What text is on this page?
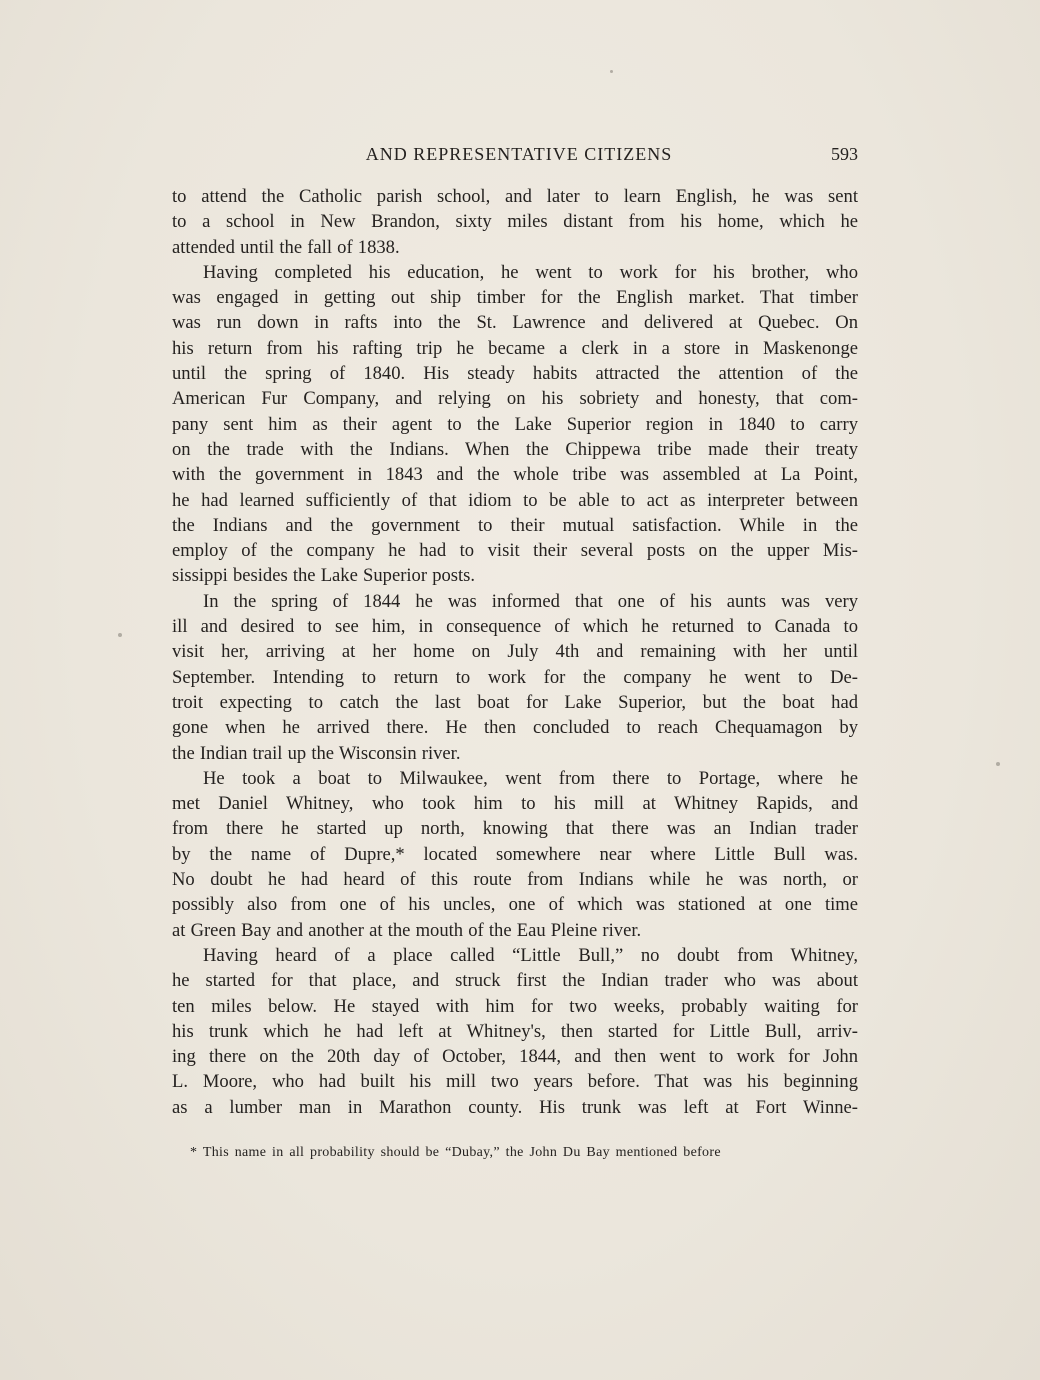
AND REPRESENTATIVE CITIZENS	593
to attend the Catholic parish school, and later to learn English, he was sent
to a school in New Brandon, sixty miles distant from his home, which he
attended until the fall of 1838.
Having completed his education, he went to work for his brother, who
was engaged in getting out ship timber for the English market. That timber
was run down in rafts into the St. Lawrence and delivered at Quebec. On
his return from his rafting trip he became a clerk in a store in Maskenonge
until the spring of 1840. His steady habits attracted the attention of the
American Fur Company, and relying on his sobriety and honesty, that com-
pany sent him as their agent to the Lake Superior region in 1840 to carry
on the trade with the Indians. When the Chippewa tribe made their treaty
with the government in 1843 and the whole tribe was assembled at La Point,
he had learned sufficiently of that idiom to be able to act as interpreter between
the Indians and the government to their mutual satisfaction. While in the
employ of the company he had to visit their several posts on the upper Mis-
sissippi besides the Lake Superior posts.
In the spring of 1844 he was informed that one of his aunts was very
ill and desired to see him, in consequence of which he returned to Canada to
visit her, arriving at her home on July 4th and remaining with her until
September. Intending to return to work for the company he went to De-
troit expecting to catch the last boat for Lake Superior, but the boat had
gone when he arrived there. He then concluded to reach Chequamagon by
the Indian trail up the Wisconsin river.
He took a boat to Milwaukee, went from there to Portage, where he
met Daniel Whitney, who took him to his mill at Whitney Rapids, and
from there he started up north, knowing that there was an Indian trader
by the name of Dupre,* located somewhere near where Little Bull was.
No doubt he had heard of this route from Indians while he was north, or
possibly also from one of his uncles, one of which was stationed at one time
at Green Bay and another at the mouth of the Eau Pleine river.
Having heard of a place called “Little Bull,” no doubt from Whitney,
he started for that place, and struck first the Indian trader who was about
ten miles below. He stayed with him for two weeks, probably waiting for
his trunk which he had left at Whitney's, then started for Little Bull, arriv-
ing there on the 20th day of October, 1844, and then went to work for John
L. Moore, who had built his mill two years before. That was his beginning
as a lumber man in Marathon county. His trunk was left at Fort Winne-
* This name in all probability should be “Dubay,” the John Du Bay mentioned before
